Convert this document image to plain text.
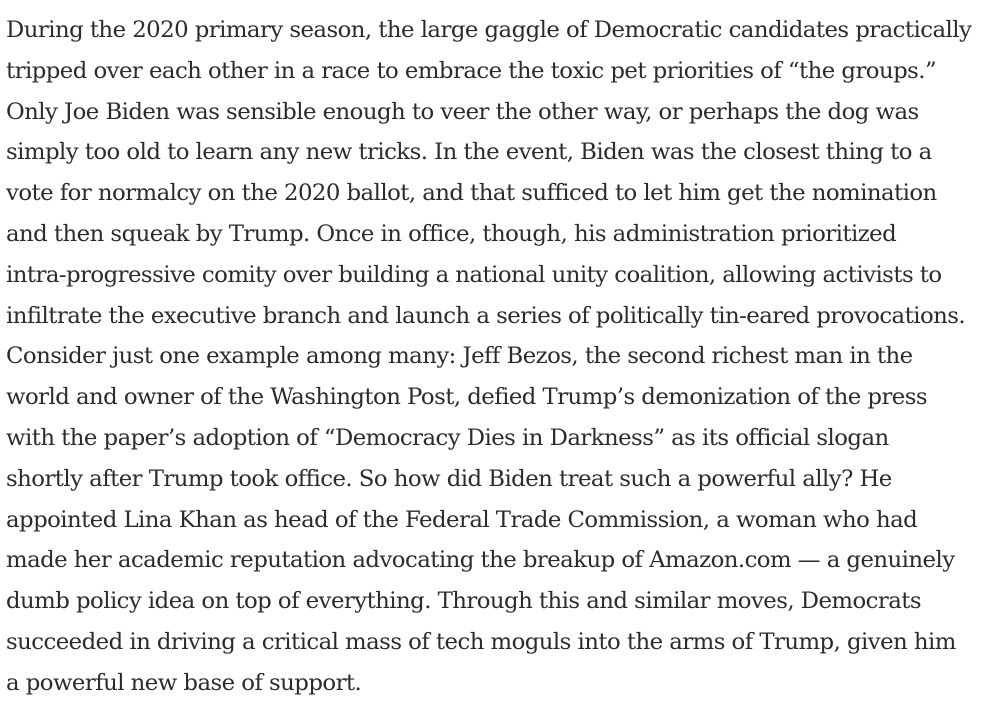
During the 2020 primary season, the large gaggle of Democratic candidates practically
tripped over each other in a race to embrace the toxic pet priorities of “the groups.”
Only Joe Biden was sensible enough to veer the other way, or perhaps the dog was
simply too old to learn any new tricks. In the event, Biden was the closest thing to a
vote for normalcy on the 2020 ballot, and that sufficed to let him get the nomination
and then squeak by Trump. Once in office, though, his administration prioritized
intra-progressive comity over building a national unity coalition, allowing activists to
infiltrate the executive branch and launch a series of politically tin-eared provocations.
Consider just one example among many: Jeff Bezos, the second richest man in the
world and owner of the Washington Post, defied Trump’s demonization of the press
with the paper’s adoption of “Democracy Dies in Darkness” as its official slogan
shortly after Trump took office. So how did Biden treat such a powerful ally? He
appointed Lina Khan as head of the Federal Trade Commission, a woman who had
made her academic reputation advocating the breakup of Amazon.com — a genuinely
dumb policy idea on top of everything. Through this and similar moves, Democrats
succeeded in driving a critical mass of tech moguls into the arms of Trump, given him
a powerful new base of support.
